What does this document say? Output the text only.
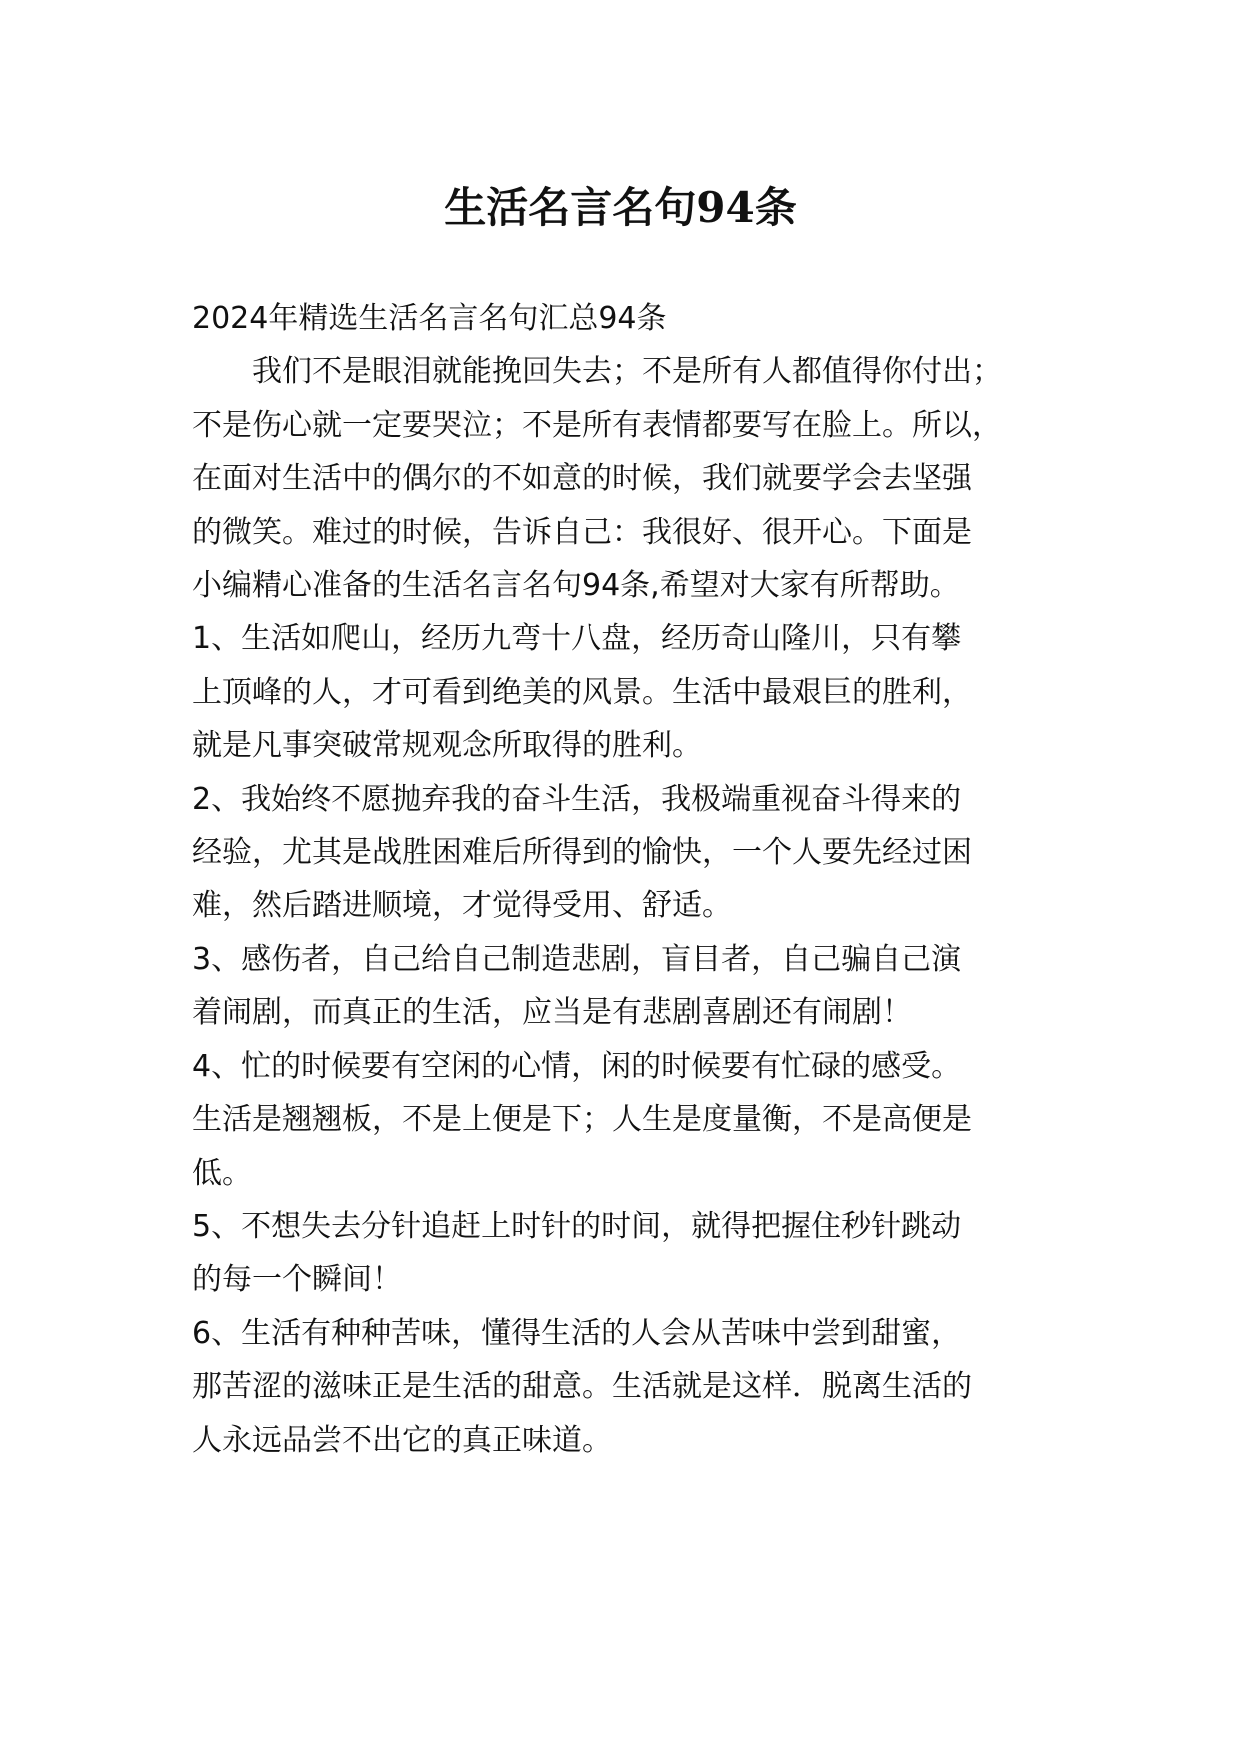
生活名言名句94条

2024年精选生活名言名句汇总94条

　　我们不是眼泪就能挽回失去；不是所有人都值得你付出；

不是伤心就一定要哭泣；不是所有表情都要写在脸上。所以，

在面对生活中的偶尔的不如意的时候，我们就要学会去坚强

的微笑。难过的时候，告诉自己：我很好、很开心。下面是

小编精心准备的生活名言名句94条,希望对大家有所帮助。

1、生活如爬山，经历九弯十八盘，经历奇山隆川，只有攀

上顶峰的人，才可看到绝美的风景。生活中最艰巨的胜利，

就是凡事突破常规观念所取得的胜利。

2、我始终不愿抛弃我的奋斗生活，我极端重视奋斗得来的

经验，尤其是战胜困难后所得到的愉快，一个人要先经过困

难，然后踏进顺境，才觉得受用、舒适。

3、感伤者，自己给自己制造悲剧，盲目者，自己骗自己演

着闹剧，而真正的生活，应当是有悲剧喜剧还有闹剧！

4、忙的时候要有空闲的心情，闲的时候要有忙碌的感受。

生活是翘翘板，不是上便是下；人生是度量衡，不是高便是

低。

5、不想失去分针追赶上时针的时间，就得把握住秒针跳动

的每一个瞬间！

6、生活有种种苦味，懂得生活的人会从苦味中尝到甜蜜，

那苦涩的滋味正是生活的甜意。生活就是这样．脱离生活的

人永远品尝不出它的真正味道。
